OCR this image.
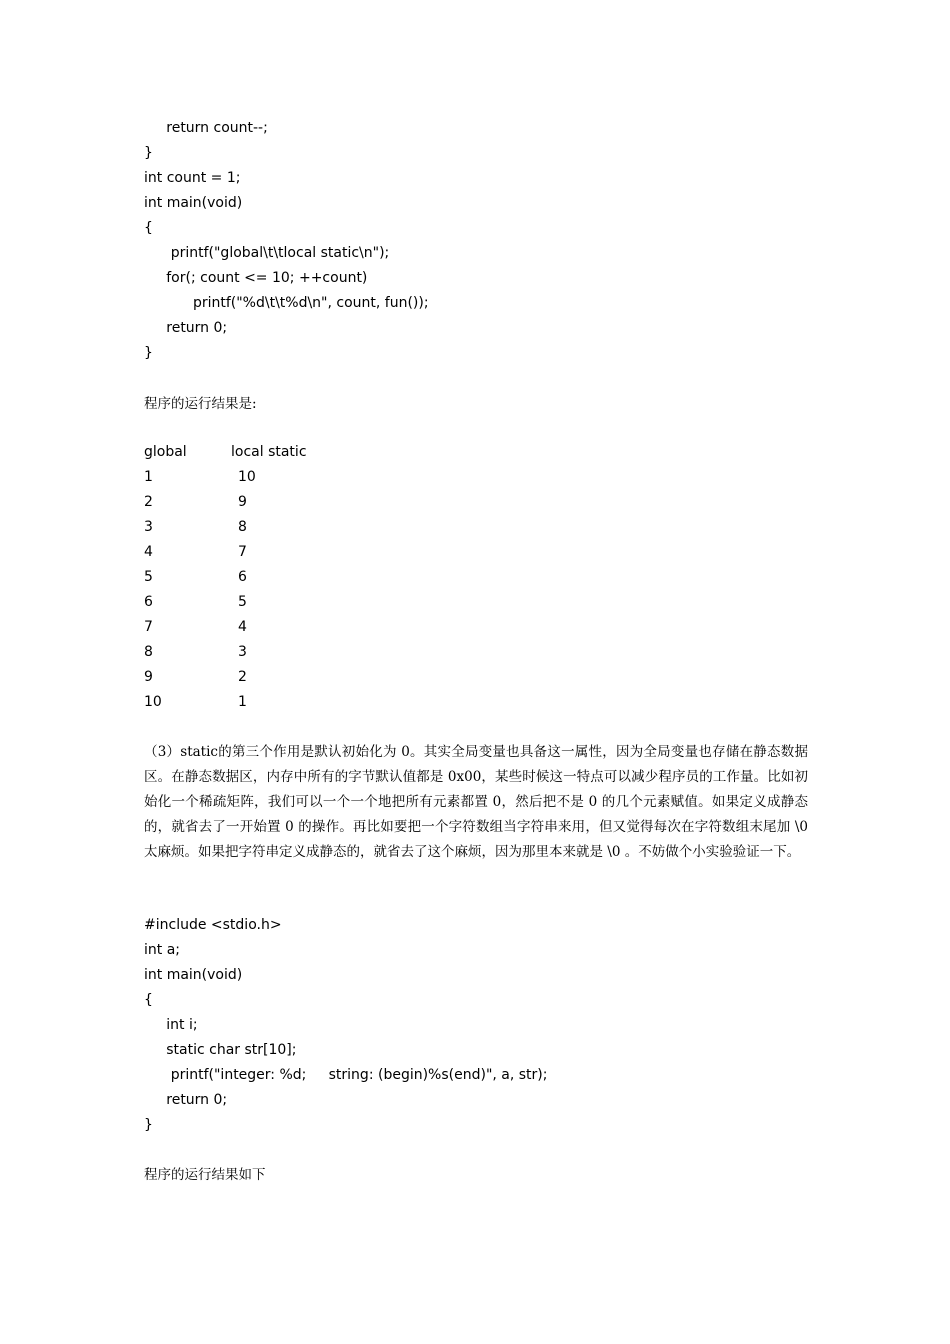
return count--;
}
int count = 1;
int main(void)
{
printf("global\t\tlocal static\n");
for(; count <= 10; ++count)
printf("%d\t\t%d\n", count, fun());
return 0;
}
程序的运行结果是:
global	local static
1	10
2	9
3	8
4	7
5	6
6	5
7	4
8	3
9	2
10	1
（3）static的第三个作用是默认初始化为 0。其实全局变量也具备这一属性，因为全局变量也存储在静态数据区。在静态数据区，内存中所有的字节默认值都是 0x00，某些时候这一特点可以减少程序员的工作量。比如初始化一个稀疏矩阵，我们可以一个一个地把所有元素都置 0，然后把不是 0 的几个元素赋值。如果定义成静态的，就省去了一开始置 0 的操作。再比如要把一个字符数组当字符串来用，但又觉得每次在字符数组末尾加 \0 太麻烦。如果把字符串定义成静态的，就省去了这个麻烦，因为那里本来就是 \0 。不妨做个小实验验证一下。
#include <stdio.h>
int a;
int main(void)
{
int i;
static char str[10];
printf("integer: %d;     string: (begin)%s(end)", a, str);
return 0;
}
程序的运行结果如下
